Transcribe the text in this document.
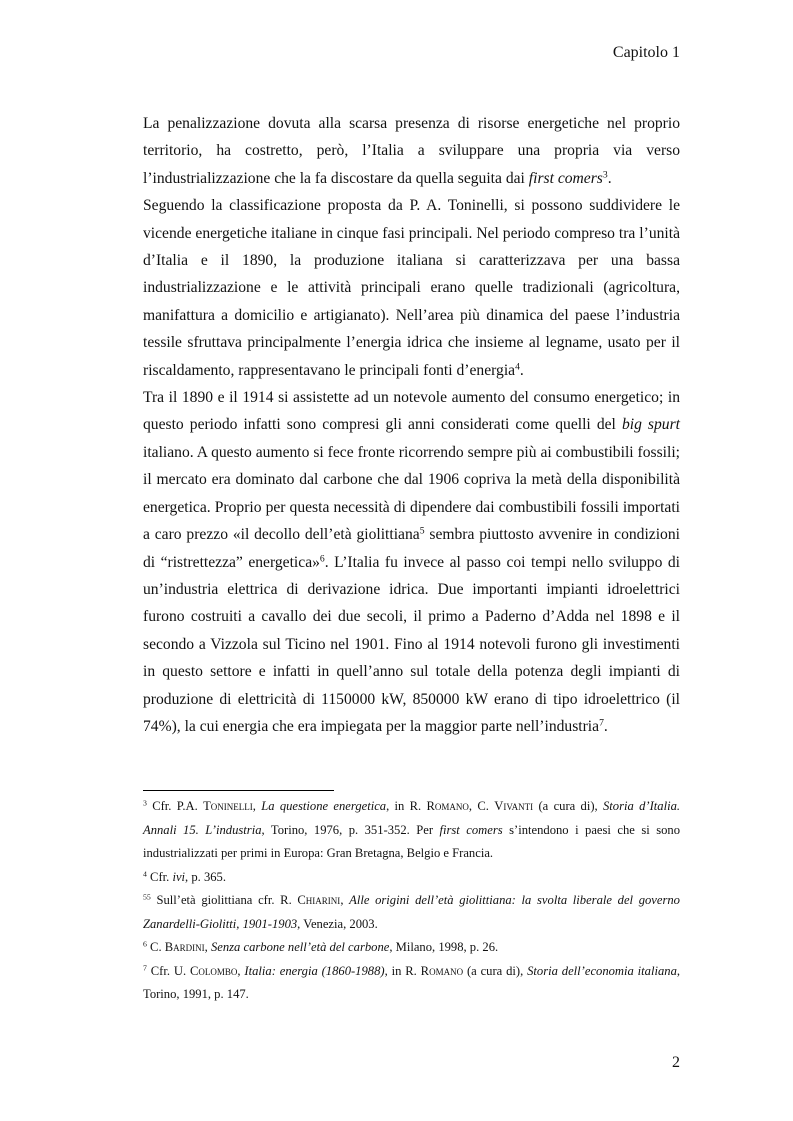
Capitolo 1

La penalizzazione dovuta alla scarsa presenza di risorse energetiche nel proprio territorio, ha costretto, però, l’Italia a sviluppare una propria via verso l’industrializzazione che la fa discostare da quella seguita dai first comers$^3$.

Seguendo la classificazione proposta da P. A. Toninelli, si possono suddividere le vicende energetiche italiane in cinque fasi principali. Nel periodo compreso tra l’unità d’Italia e il 1890, la produzione italiana si caratterizzava per una bassa industrializzazione e le attività principali erano quelle tradizionali (agricoltura, manifattura a domicilio e artigianato). Nell’area più dinamica del paese l’industria tessile sfruttava principalmente l’energia idrica che insieme al legname, usato per il riscaldamento, rappresentavano le principali fonti d’energia$^4$.

Tra il 1890 e il 1914 si assistette ad un notevole aumento del consumo energetico; in questo periodo infatti sono compresi gli anni considerati come quelli del big spurt italiano. A questo aumento si fece fronte ricorrendo sempre più ai combustibili fossili; il mercato era dominato dal carbone che dal 1906 copriva la metà della disponibilità energetica. Proprio per questa necessità di dipendere dai combustibili fossili importati a caro prezzo «il decollo dell’età giolittiana$^5$ sembra piuttosto avvenire in condizioni di “ristrettezza” energetica»$^6$. L’Italia fu invece al passo coi tempi nello sviluppo di un’industria elettrica di derivazione idrica. Due importanti impianti idroelettrici furono costruiti a cavallo dei due secoli, il primo a Paderno d’Adda nel 1898 e il secondo a Vizzola sul Ticino nel 1901. Fino al 1914 notevoli furono gli investimenti in questo settore e infatti in quell’anno sul totale della potenza degli impianti di produzione di elettricità di 1150000 kW, 850000 kW erano di tipo idroelettrico (il 74%), la cui energia che era impiegata per la maggior parte nell’industria$^7$.

$^3$ Cfr. P.A. Toninelli, La questione energetica, in R. Romano, C. Vivanti (a cura di), Storia d’Italia. Annali 15. L’industria, Torino, 1976, p. 351-352. Per first comers s’intendono i paesi che si sono industrializzati per primi in Europa: Gran Bretagna, Belgio e Francia.

$^4$ Cfr. ivi, p. 365.

$^{55}$ Sull’età giolittiana cfr. R. Chiarini, Alle origini dell’età giolittiana: la svolta liberale del governo Zanardelli-Giolitti, 1901-1903, Venezia, 2003.

$^6$ C. Bardini, Senza carbone nell’età del carbone, Milano, 1998, p. 26.

$^7$ Cfr. U. Colombo, Italia: energia (1860-1988), in R. Romano (a cura di), Storia dell’economia italiana, Torino, 1991, p. 147.

2
